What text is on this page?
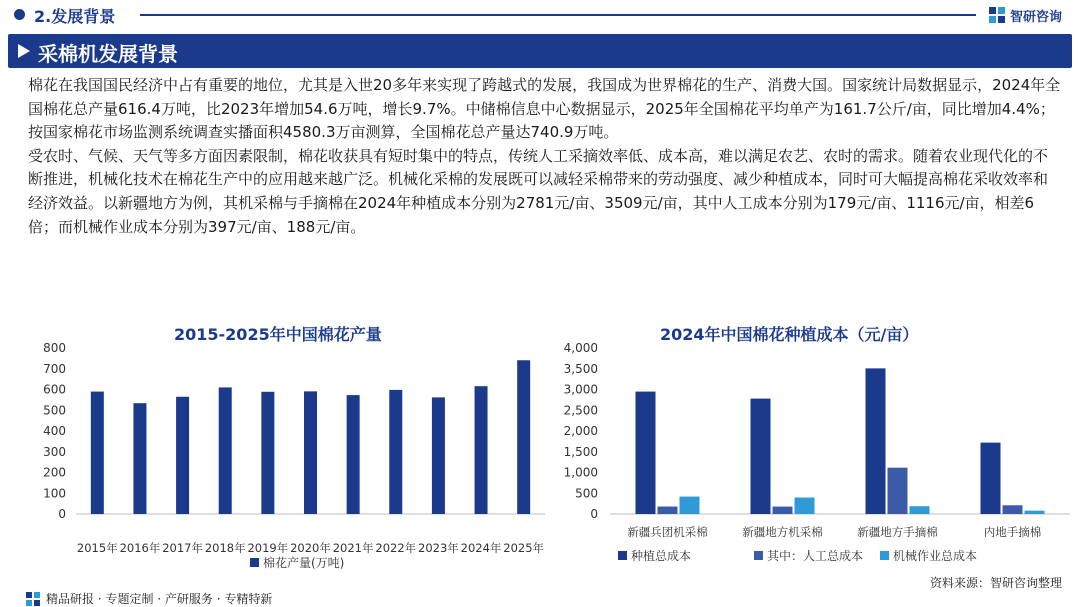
2.发展背景	智研咨询
采棉机发展背景

棉花在我国国民经济中占有重要的地位，尤其是入世20多年来实现了跨越式的发展，我国成为世界棉花的生产、消费大国。国家统计局数据显示，2024年全国棉花总产量616.4万吨，比2023年增加54.6万吨，增长9.7%。中储棉信息中心数据显示，2025年全国棉花平均单产为161.7公斤/亩，同比增加4.4%；按国家棉花市场监测系统调查实播面积4580.3万亩测算，全国棉花总产量达740.9万吨。

受农时、气候、天气等多方面因素限制，棉花收获具有短时集中的特点，传统人工采摘效率低、成本高，难以满足农艺、农时的需求。随着农业现代化的不断推进，机械化技术在棉花生产中的应用越来越广泛。机械化采棉的发展既可以减轻采棉带来的劳动强度、减少种植成本，同时可大幅提高棉花采收效率和经济效益。以新疆地方为例，其机采棉与手摘棉在2024年种植成本分别为2781元/亩、3509元/亩，其中人工成本分别为179元/亩、1116元/亩，相差6倍；而机械作业成本分别为397元/亩、188元/亩。

2015-2025年中国棉花产量
0
100
200
300
400
500
600
700
800
2015年 2016年 2017年 2018年 2019年 2020年 2021年 2022年 2023年 2024年 2025年
棉花产量(万吨)
2024年中国棉花种植成本（元/亩）
0
500
1,000
1,500
2,000
2,500
3,000
3,500
4,000
新疆兵团机采棉	新疆地方机采棉	新疆地方手摘棉	内地手摘棉
种植总成本	其中：人工总成本 机械作业总成本
精品研报 · 专题定制 · 产研服务 · 专精特新
资料来源：智研咨询整理
